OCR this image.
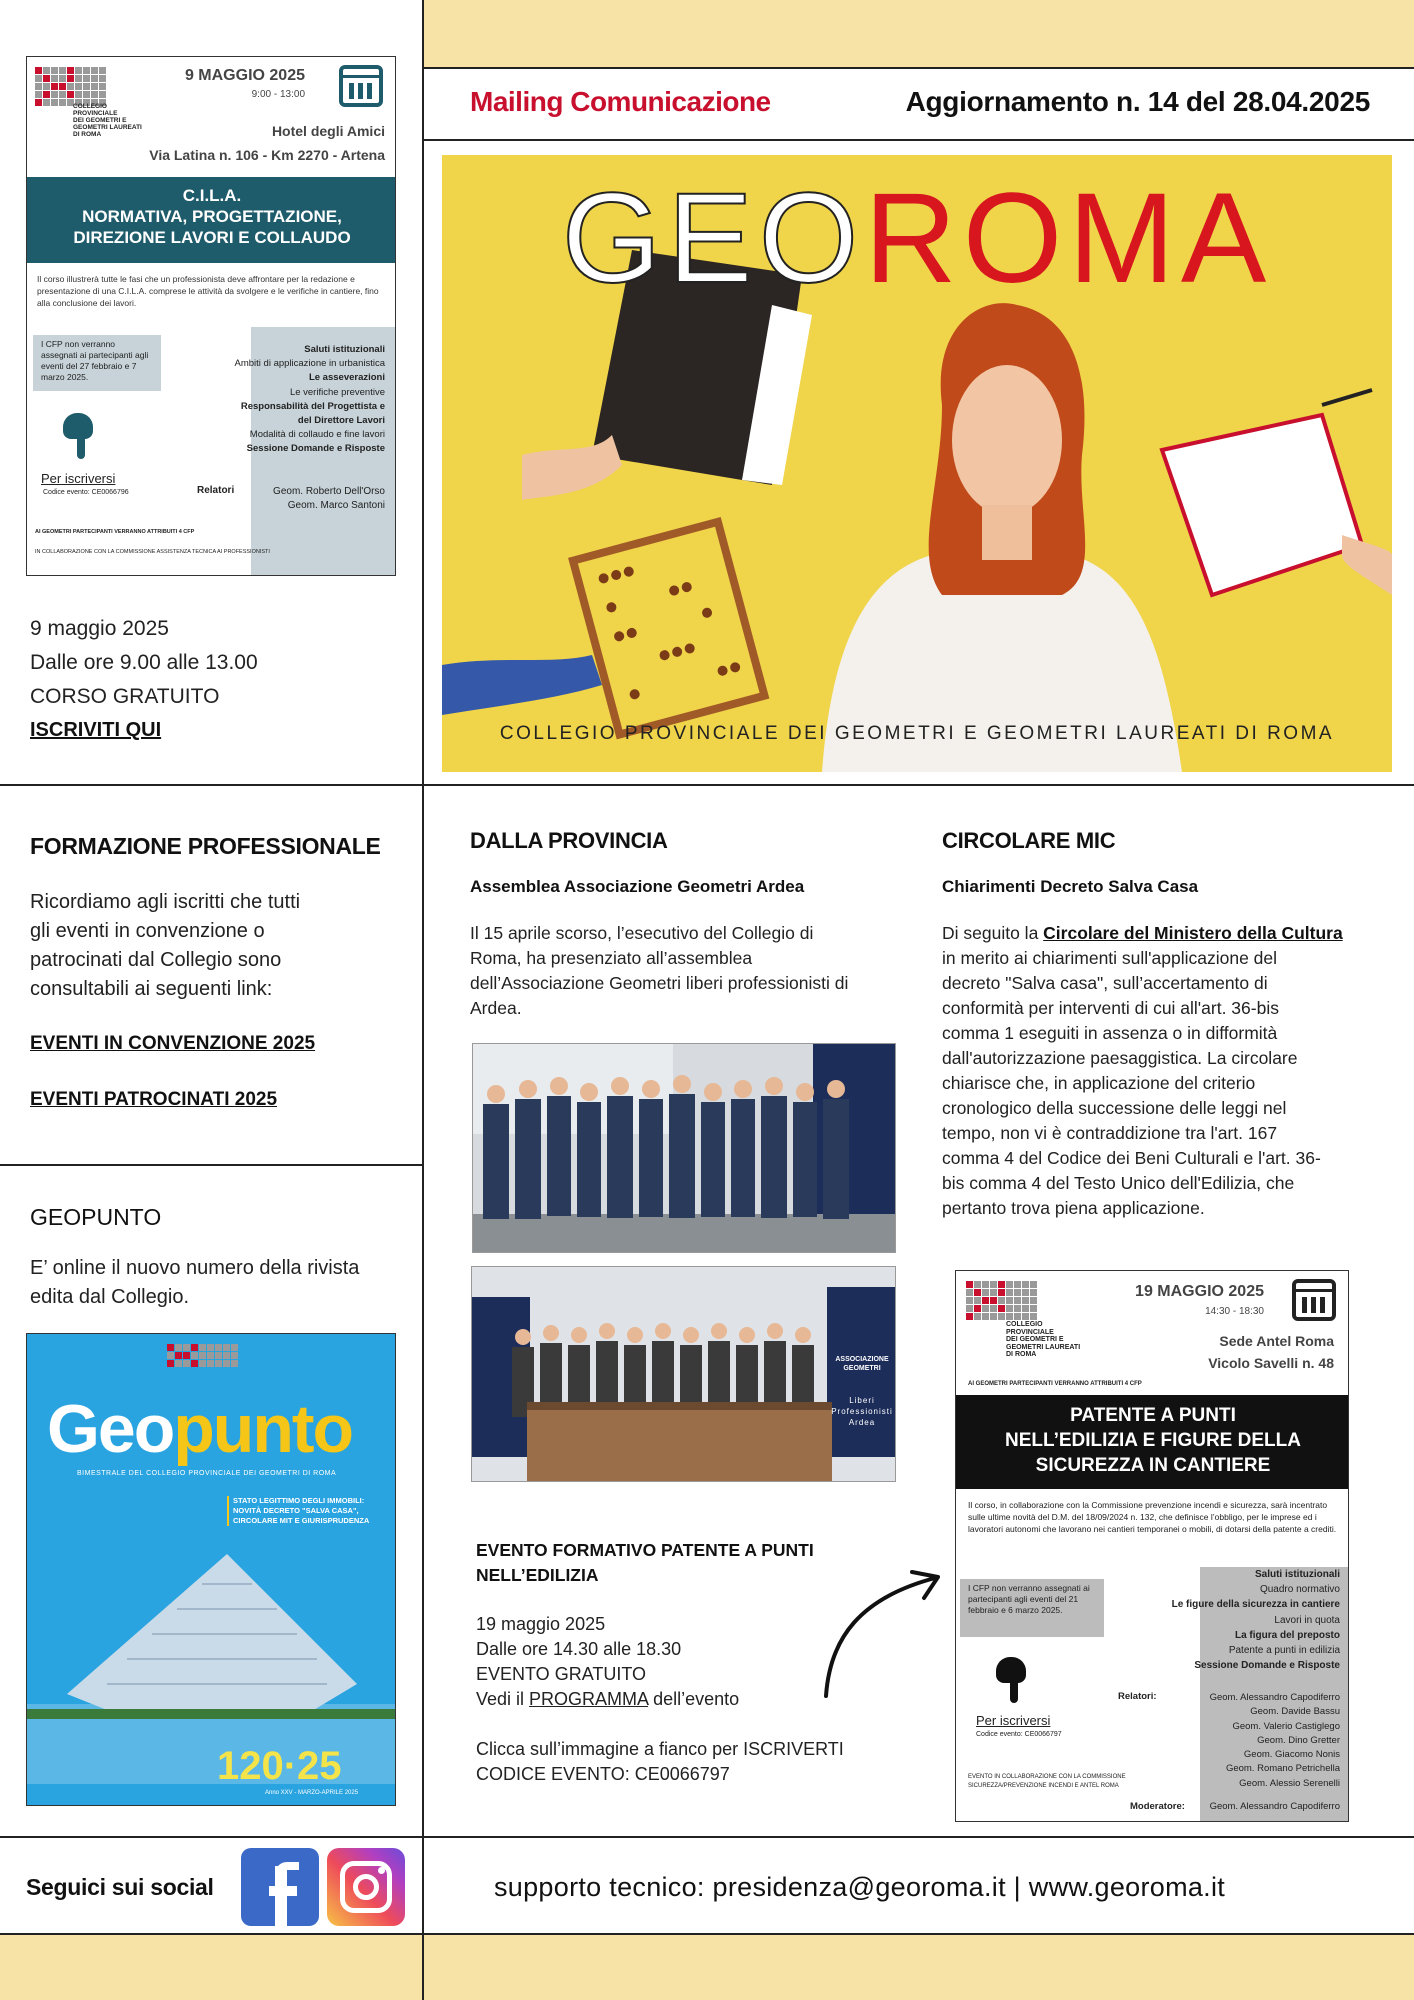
Mailing Comunicazione	Aggiornamento n. 14 del 28.04.2025
GEOROMA
COLLEGIO PROVINCIALE DEI GEOMETRI E GEOMETRI LAUREATI DI ROMA
COLLEGIO
PROVINCIALE
DEI GEOMETRI E
GEOMETRI LAUREATI
DI ROMA
9 MAGGIO 2025
9:00 - 13:00
Hotel degli Amici
Via Latina n. 106 - Km 2270 - Artena
C.I.L.A.
NORMATIVA, PROGETTAZIONE,
DIREZIONE LAVORI E COLLAUDO
Il corso illustrerà tutte le fasi che un professionista deve affrontare per la redazione e presentazione di una C.I.L.A. comprese le attività da svolgere e le verifiche in cantiere, fino alla conclusione dei lavori.
I CFP non verranno assegnati ai partecipanti agli eventi del 27 febbraio e 7 marzo 2025.
Saluti istituzionali
Ambiti di applicazione in urbanistica
Le asseverazioni
Le verifiche preventive
Responsabilità del Progettista e
del Direttore Lavori
Modalità di collaudo e fine lavori
Sessione Domande e Risposte
Per iscriversi
Codice evento: CE0066796	Relatori	Geom. Roberto Dell'Orso
Geom. Marco Santoni
AI GEOMETRI PARTECIPANTI VERRANNO ATTRIBUITI 4 CFP
IN COLLABORAZIONE CON LA COMMISSIONE ASSISTENZA TECNICA AI PROFESSIONISTI
9 maggio 2025
Dalle ore 9.00 alle 13.00
CORSO GRATUITO
ISCRIVITI QUI
FORMAZIONE PROFESSIONALE
Ricordiamo agli iscritti che tutti
gli eventi in convenzione o
patrocinati dal Collegio sono
consultabili ai seguenti link:
EVENTI IN CONVENZIONE 2025
EVENTI PATROCINATI 2025
GEOPUNTO
E’ online il nuovo numero della rivista
edita dal Collegio.
Geopunto
BIMESTRALE DEL COLLEGIO PROVINCIALE DEI GEOMETRI DI ROMA
STATO LEGITTIMO DEGLI IMMOBILI:
NOVITÀ DECRETO "SALVA CASA",
CIRCOLARE MIT E GIURISPRUDENZA
120·25
Anno XXV - MARZO-APRILE 2025
DALLA PROVINCIA
Assemblea Associazione Geometri Ardea
Il 15 aprile scorso, l’esecutivo del Collegio di
Roma, ha presenziato all’assemblea
dell’Associazione Geometri liberi professionisti di
Ardea.
ASSOCIAZIONE
GEOMETRI
Liberi
Professionisti
Ardea
EVENTO FORMATIVO PATENTE A PUNTI
NELL’EDILIZIA
19 maggio 2025
Dalle ore 14.30 alle 18.30
EVENTO GRATUITO
Vedi il PROGRAMMA dell’evento
Clicca sull’immagine a fianco per ISCRIVERTI
CODICE EVENTO: CE0066797
CIRCOLARE MIC
Chiarimenti Decreto Salva Casa
Di seguito la Circolare del Ministero della Cultura
in merito ai chiarimenti sull'applicazione del
decreto "Salva casa", sull’accertamento di
conformità per interventi di cui all'art. 36-bis
comma 1 eseguiti in assenza o in difformità
dall'autorizzazione paesaggistica. La circolare
chiarisce che, in applicazione del criterio
cronologico della successione delle leggi nel
tempo, non vi è contraddizione tra l'art. 167
comma 4 del Codice dei Beni Culturali e l'art. 36-
bis comma 4 del Testo Unico dell'Edilizia, che
pertanto trova piena applicazione.
COLLEGIO
PROVINCIALE
DEI GEOMETRI E
GEOMETRI LAUREATI
DI ROMA
19 MAGGIO 2025
14:30 - 18:30
Sede Antel Roma
Vicolo Savelli n. 48
AI GEOMETRI PARTECIPANTI VERRANNO ATTRIBUITI 4 CFP
PATENTE A PUNTI
NELL’EDILIZIA E FIGURE DELLA
SICUREZZA IN CANTIERE
Il corso, in collaborazione con la Commissione prevenzione incendi e sicurezza, sarà incentrato sulle ultime novità del D.M. del 18/09/2024 n. 132, che definisce l’obbligo, per le imprese ed i lavoratori autonomi che lavorano nei cantieri temporanei o mobili, di dotarsi della patente a crediti.
I CFP non verranno assegnati ai partecipanti agli eventi del 21 febbraio e 6 marzo 2025.
Saluti istituzionali
Quadro normativo
Le figure della sicurezza in cantiere
Lavori in quota
La figura del preposto
Patente a punti in edilizia
Sessione Domande e Risposte
Per iscriversi
Codice evento: CE0066797
Relatori:	Geom. Alessandro Capodiferro
Geom. Davide Bassu
Geom. Valerio Castiglego
Geom. Dino Gretter
Geom. Giacomo Nonis
Geom. Romano Petrichella
Geom. Alessio Serenelli
EVENTO IN COLLABORAZIONE CON LA COMMISSIONE
SICUREZZA/PREVENZIONE INCENDI E ANTEL ROMA
Moderatore:	Geom. Alessandro Capodiferro
Seguici sui social	supporto tecnico: presidenza@georoma.it | www.georoma.it
